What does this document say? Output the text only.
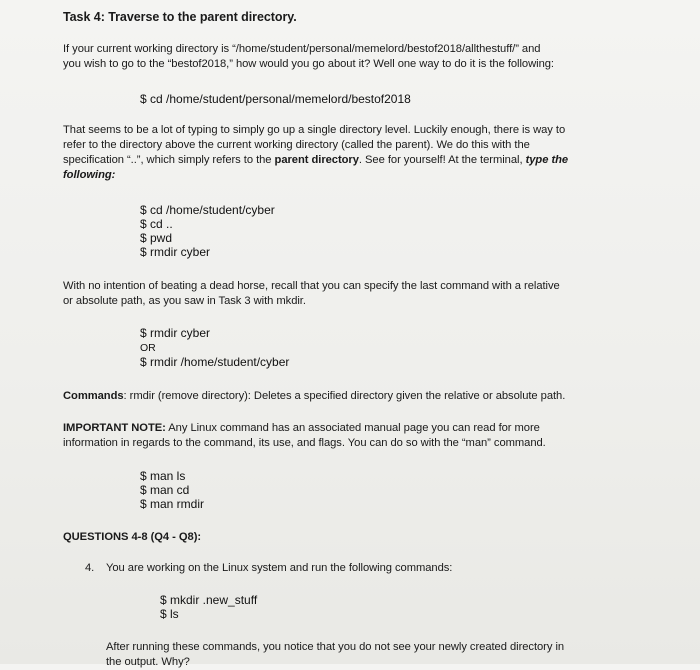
Task 4: Traverse to the parent directory.
If your current working directory is “/home/student/personal/memelord/bestof2018/allthestuff/” and
you wish to go to the “bestof2018,” how would you go about it? Well one way to do it is the following:
$ cd /home/student/personal/memelord/bestof2018
That seems to be a lot of typing to simply go up a single directory level. Luckily enough, there is way to
refer to the directory above the current working directory (called the parent). We do this with the
specification “..”, which simply refers to the parent directory. See for yourself! At the terminal, type the
following:
$ cd /home/student/cyber
$ cd ..
$ pwd
$ rmdir cyber
With no intention of beating a dead horse, recall that you can specify the last command with a relative
or absolute path, as you saw in Task 3 with mkdir.
$ rmdir cyber
OR
$ rmdir /home/student/cyber
Commands: rmdir (remove directory): Deletes a specified directory given the relative or absolute path.
IMPORTANT NOTE: Any Linux command has an associated manual page you can read for more
information in regards to the command, its use, and flags. You can do so with the “man” command.
$ man ls
$ man cd
$ man rmdir
QUESTIONS 4-8 (Q4 - Q8):
4. You are working on the Linux system and run the following commands:
$ mkdir .new_stuff
$ ls
After running these commands, you notice that you do not see your newly created directory in
the output. Why?
